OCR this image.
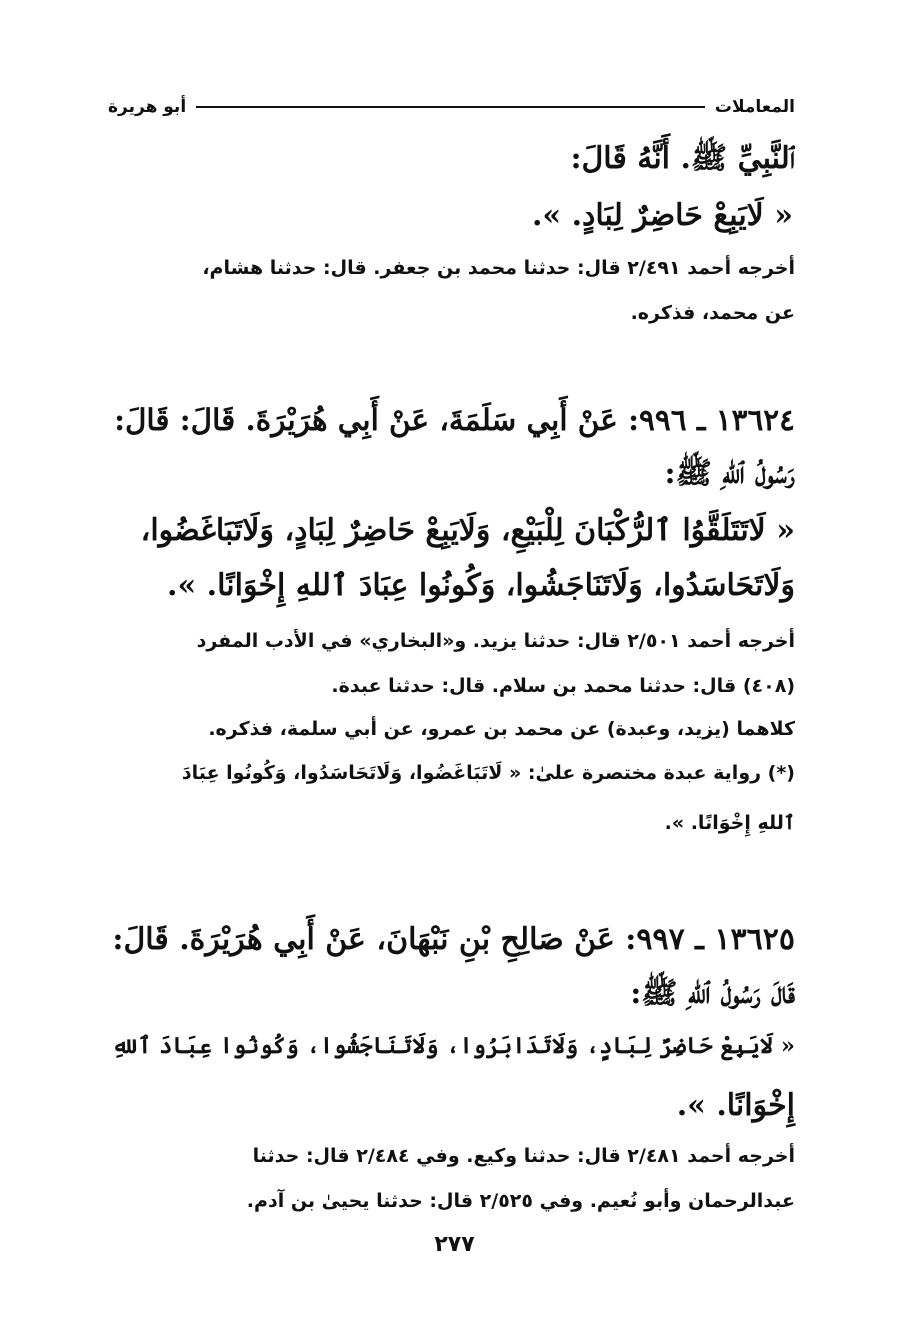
المعاملات
أبو هريرة
ٱلنَّبِيِّ ﷺ. أَنَّهُ قَالَ:
« لَايَبِعْ حَاضِرٌ لِبَادٍ. ».
أخرجه أحمد ٢/٤٩١ قال: حدثنا محمد بن جعفر. قال: حدثنا هشام،
عن محمد، فذكره.
١٣٦٢٤ ـ ٩٩٦: عَنْ أَبِي سَلَمَةَ، عَنْ أَبِي هُرَيْرَةَ. قَالَ: قَالَ:
رَسُولُ ٱللهِ ﷺ:
« لَاتَتَلَقَّوُا ٱلرُّكْبَانَ لِلْبَيْعِ، وَلَايَبِعْ حَاضِرٌ لِبَادٍ، وَلَاتَبَاغَضُوا،
وَلَاتَحَاسَدُوا، وَلَاتَنَاجَشُوا، وَكُونُوا عِبَادَ ٱللهِ إِخْوَانًا. ».
أخرجه أحمد ٢/٥٠١ قال: حدثنا يزيد. و«البخاري» في الأدب المفرد
(٤٠٨) قال: حدثنا محمد بن سلام. قال: حدثنا عبدة.
كلاهما (يزيد، وعبدة) عن محمد بن عمرو، عن أبي سلمة، فذكره.
(*) رواية عبدة مختصرة علىٰ: « لَاتَبَاغَضُوا، وَلَاتَحَاسَدُوا، وَكُونُوا عِبَادَ
ٱللهِ إِخْوَانًا. ».
١٣٦٢٥ ـ ٩٩٧: عَنْ صَالِحِ بْنِ نَبْهَانَ، عَنْ أَبِي هُرَيْرَةَ. قَالَ:
قَالَ رَسُولُ ٱللهِ ﷺ:
« لَايَبِعْ حَاضِرٌ لِبَادٍ، وَلَاتَدَابَرُوا، وَلَاتَنَاجَشُوا، وَكُونُوا عِبَادَ ٱللهِ
إِخْوَانًا. ».
أخرجه أحمد ٢/٤٨١ قال: حدثنا وكيع. وفي ٢/٤٨٤ قال: حدثنا
عبدالرحمان وأبو نُعيم. وفي ٢/٥٢٥ قال: حدثنا يحيىٰ بن آدم.
٢٧٧
